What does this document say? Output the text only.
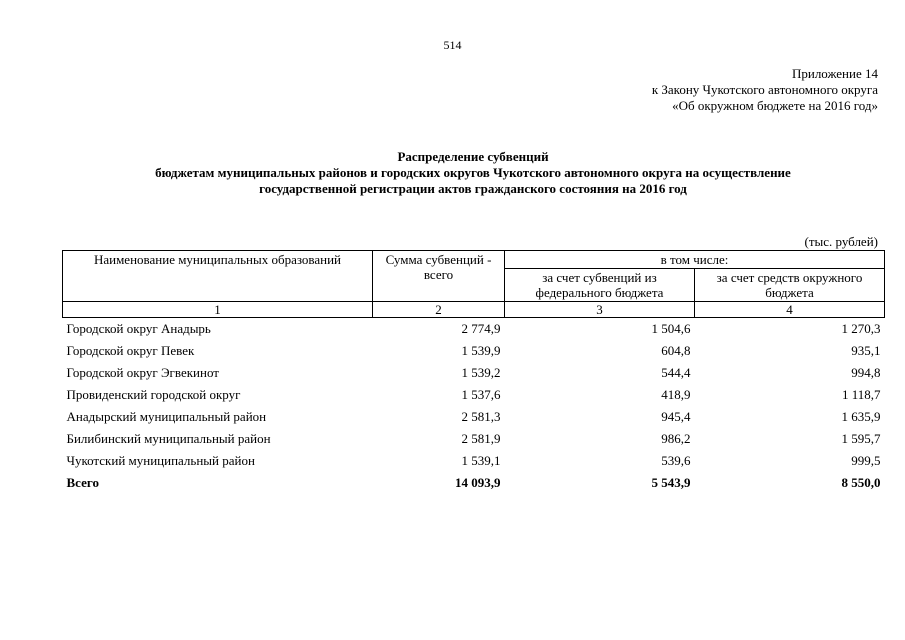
514
Приложение 14
к Закону Чукотского автономного округа
«Об окружном бюджете на 2016 год»
Распределение субвенций
бюджетам муниципальных районов и городских округов Чукотского автономного округа на осуществление
государственной регистрации актов гражданского состояния на 2016 год
(тыс. рублей)
Наименование муниципальных образований	Сумма субвенций - всего	в том числе:	
		за счет субвенций из федерального бюджета	за счет средств окружного бюджета
1	2	3	4
Городской округ Анадырь	2 774,9	1 504,6	1 270,3
Городской округ Певек	1 539,9	604,8	935,1
Городской округ Эгвекинот	1 539,2	544,4	994,8
Провиденский городской округ	1 537,6	418,9	1 118,7
Анадырский муниципальный район	2 581,3	945,4	1 635,9
Билибинский муниципальный район	2 581,9	986,2	1 595,7
Чукотский муниципальный район	1 539,1	539,6	999,5
Всего	14 093,9	5 543,9	8 550,0
